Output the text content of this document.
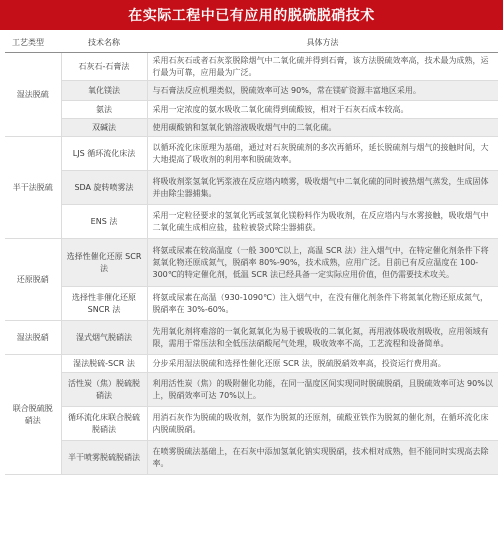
在实际工程中已有应用的脱硫脱硝技术
工艺类型	技术名称	具体方法
湿法脱硫	石灰石-石膏法	采用石灰石或者石灰浆脱除烟气中二氧化硫并得到石膏，该方法脱硫效率高，技术最为成熟，运行最为可靠，应用最为广泛。
	氧化镁法	与石膏法反应机理类似，脱硫效率可达 90%，常在镁矿资源丰富地区采用。
	氨法	采用一定浓度的氨水吸收二氧化硫得到硫酸铵，相对于石灰石成本较高。
	双碱法	使用碳酸钠和氢氧化钠溶液吸收烟气中的二氧化硫。
半干法脱硫	LJS 循环流化床法	以循环流化床原理为基础，通过对石灰脱硫剂的多次再循环，延长脱硫剂与烟气的接触时间，大大地提高了吸收剂的利用率和脱硫效率。
	SDA 旋转喷雾法	将吸收剂浆氢氧化钙浆液在反应塔内喷雾，吸收烟气中二氧化硫的同时被热烟气蒸发，生成固体并由除尘器捕集。
	ENS 法	采用一定粒径要求的氢氧化钙或氢氧化镁粉料作为吸收剂，在反应塔内与水雾接触，吸收烟气中二氧化硫生成相应盐，盐粒被袋式除尘器捕获。
还原脱硝	选择性催化还原 SCR 法	将氨或尿素在较高温度（一般 300℃以上，高温 SCR 法）注入烟气中，在特定催化剂条件下将氮氧化物还原成氮气，脱硝率 80%-90%，技术成熟，应用广泛。目前已有反应温度在 100-300℃的特定催化剂，低温 SCR 法已经具备一定实际应用价值，但仍需要技术攻关。
	选择性非催化还原 SNCR 法	将氨或尿素在高温（930-1090℃）注入烟气中，在没有催化剂条件下将氮氧化物还原成氮气，脱硝率在 30%-60%。
湿法脱硝	湿式烟气脱硝法	先用氧化剂将难溶的一氧化氮氧化为易于被吸收的二氧化氮，再用液体吸收剂吸收，应用领域有限，需用于常压法和全低压法硝酸尾气处理，吸收效率不高，工艺流程和设备简单。
联合脱硫脱硝法	湿法脱硫-SCR 法	分步采用湿法脱硫和选择性催化还原 SCR 法，脱硫脱硝效率高，投资运行费用高。
	活性炭（焦）脱硫脱硝法	利用活性炭（焦）的吸附催化功能，在同一温度区间实现同时脱硫脱硝，且脱硫效率可达 90%以上，脱硝效率可达 70%以上。
	循环流化床联合脱硫脱硝法	用消石灰作为脱硫的吸收剂，氨作为脱氮的还原剂，硫酸亚铁作为脱氮的催化剂，在循环流化床内脱硫脱硝。
	半干喷雾脱硫脱硝法	在喷雾脱硫法基础上，在石灰中添加氢氧化钠实现脱硝，技术相对成熟，但不能同时实现高去除率。
